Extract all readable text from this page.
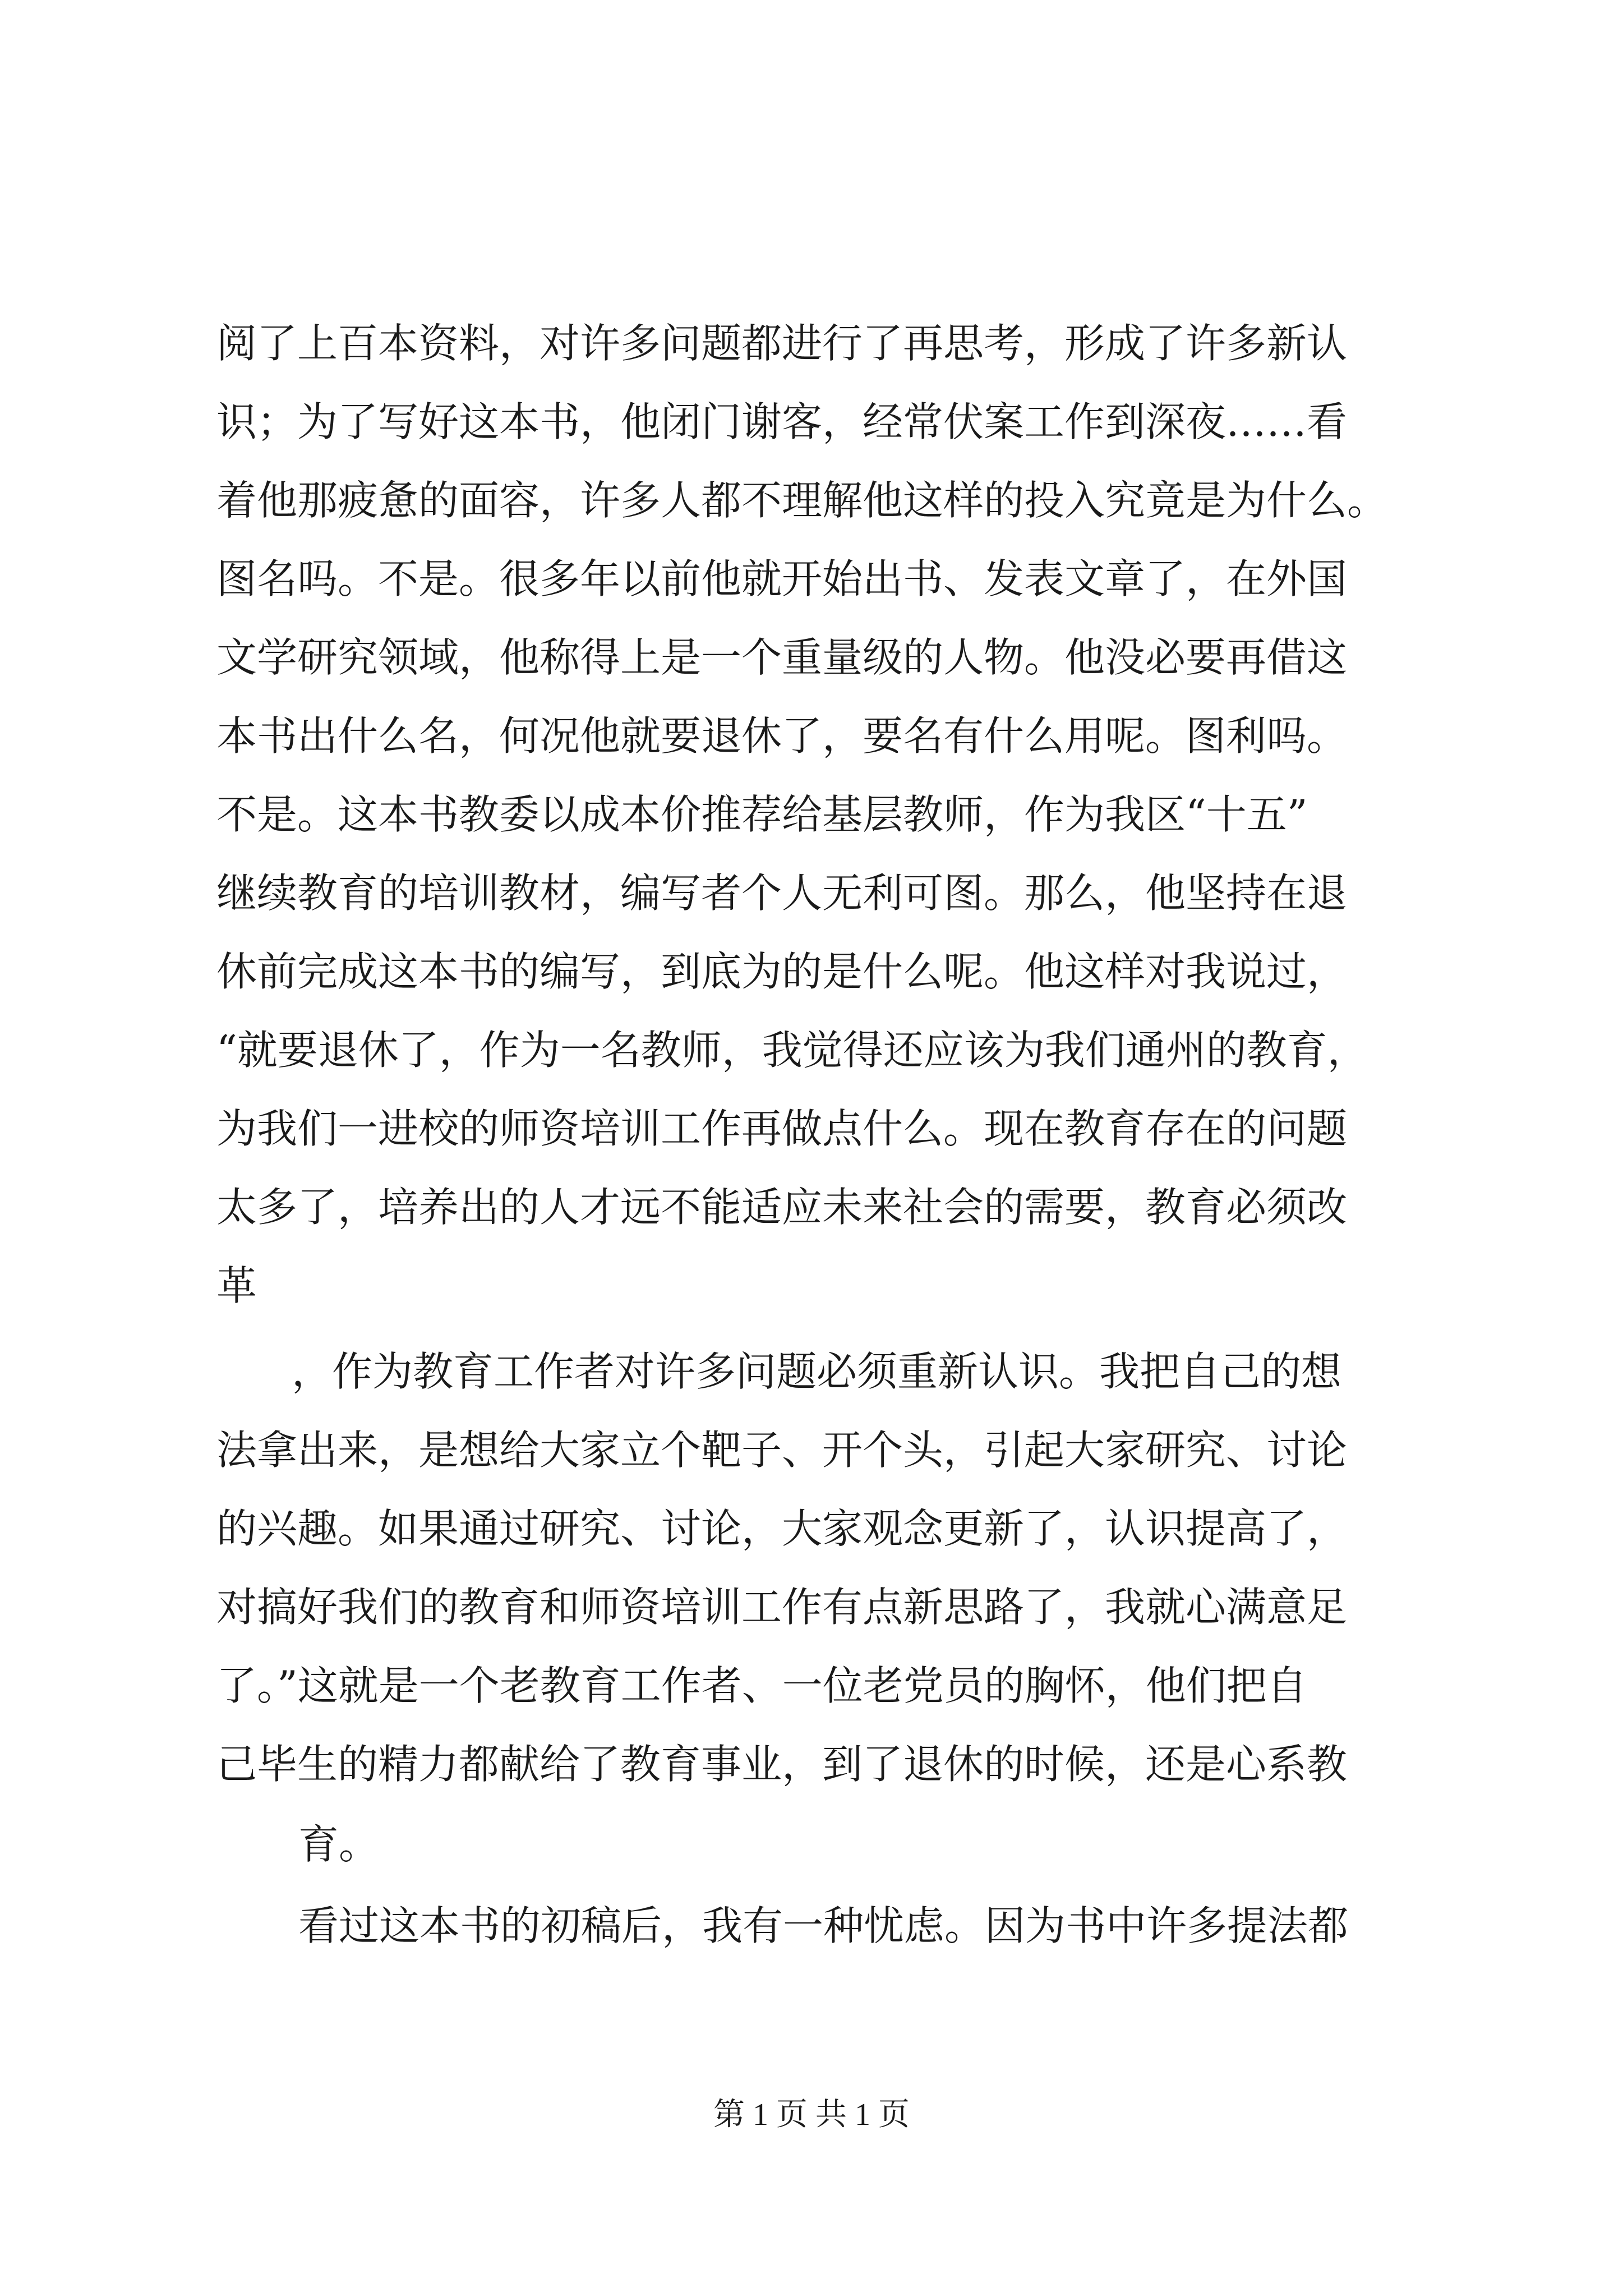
阅了上百本资料，对许多问题都进行了再思考，形成了许多新认
识；为了写好这本书，他闭门谢客，经常伏案工作到深夜……看
着他那疲惫的面容，许多人都不理解他这样的投入究竟是为什么。
图名吗。不是。很多年以前他就开始出书、发表文章了，在外国
文学研究领域，他称得上是一个重量级的人物。他没必要再借这
本书出什么名，何况他就要退休了，要名有什么用呢。图利吗。
不是。这本书教委以成本价推荐给基层教师，作为我区“十五”
继续教育的培训教材，编写者个人无利可图。那么，他坚持在退
休前完成这本书的编写，到底为的是什么呢。他这样对我说过，
“就要退休了，作为一名教师，我觉得还应该为我们通州的教育，
为我们一进校的师资培训工作再做点什么。现在教育存在的问题
太多了，培养出的人才远不能适应未来社会的需要，教育必须改
革
，作为教育工作者对许多问题必须重新认识。我把自己的想
法拿出来，是想给大家立个靶子、开个头，引起大家研究、讨论
的兴趣。如果通过研究、讨论，大家观念更新了，认识提高了，
对搞好我们的教育和师资培训工作有点新思路了，我就心满意足
了。”这就是一个老教育工作者、一位老党员的胸怀，他们把自
己毕生的精力都献给了教育事业，到了退休的时候，还是心系教
育。
看过这本书的初稿后，我有一种忧虑。因为书中许多提法都
第 1 页 共 1 页
